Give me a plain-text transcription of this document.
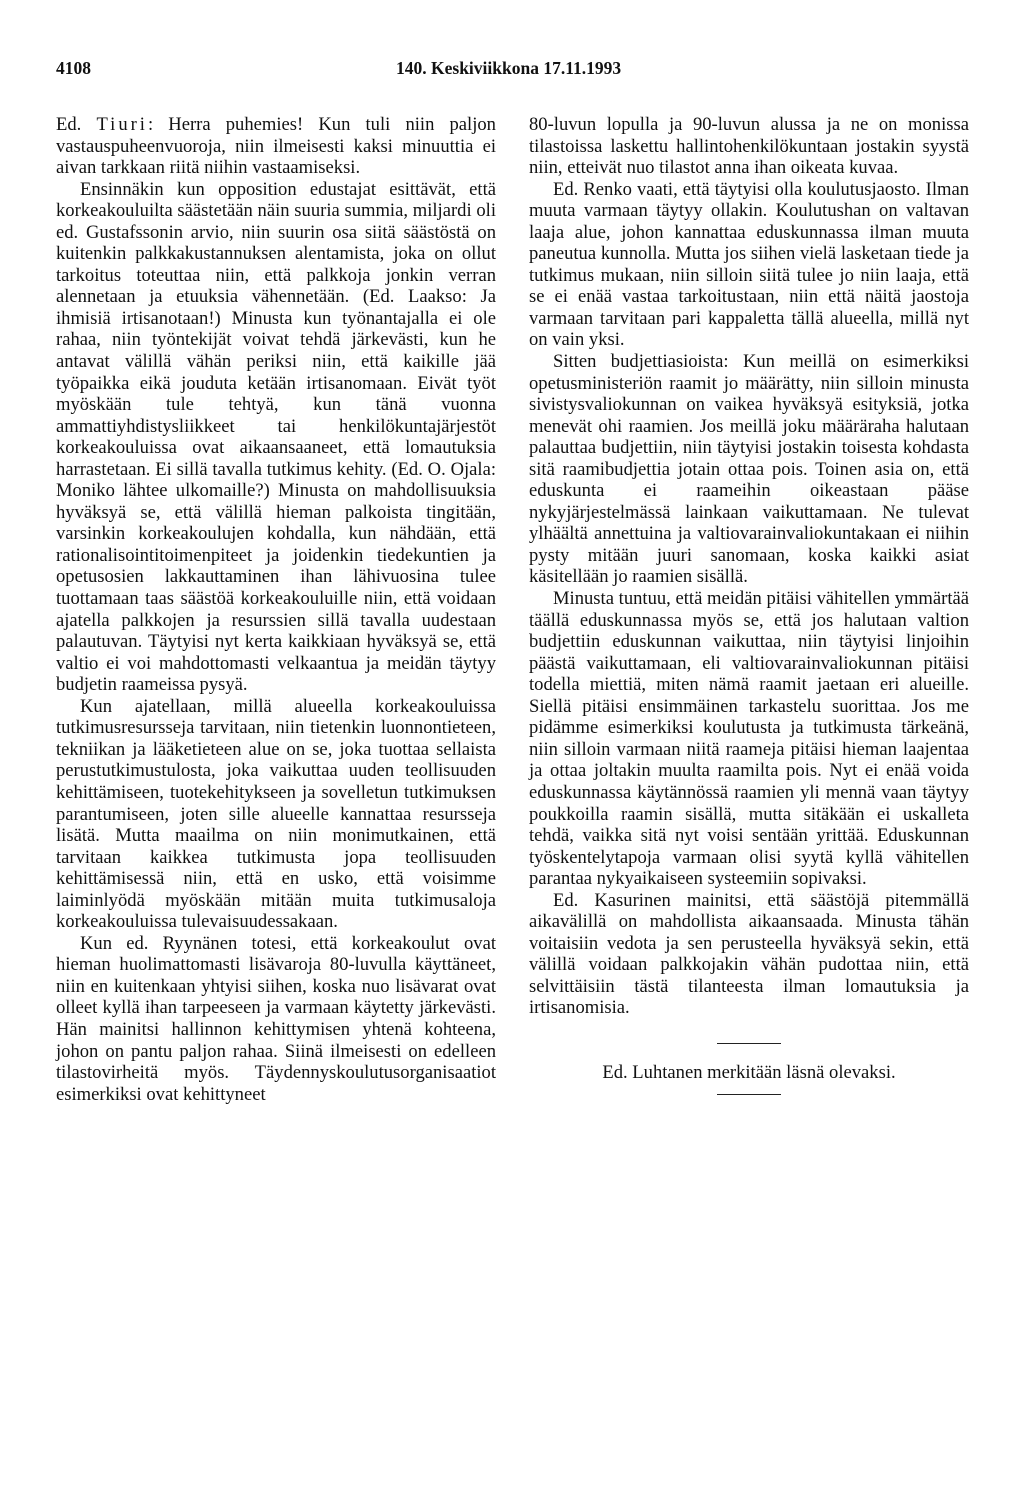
4108	140. Keskiviikkona 17.11.1993

Ed. Tiuri: Herra puhemies! Kun tuli niin paljon vastauspuheenvuoroja, niin ilmeisesti kaksi minuuttia ei aivan tarkkaan riitä niihin vastaamiseksi.

Ensinnäkin kun opposition edustajat esittävät, että korkeakouluilta säästetään näin suuria summia, miljardi oli ed. Gustafssonin arvio, niin suurin osa siitä säästöstä on kuitenkin palkkakustannuksen alentamista, joka on ollut tarkoitus toteuttaa niin, että palkkoja jonkin verran alennetaan ja etuuksia vähennetään. (Ed. Laakso: Ja ihmisiä irtisanotaan!) Minusta kun työnantajalla ei ole rahaa, niin työntekijät voivat tehdä järkevästi, kun he antavat välillä vähän periksi niin, että kaikille jää työpaikka eikä jouduta ketään irtisanomaan. Eivät työt myöskään tule tehtyä, kun tänä vuonna ammattiyhdistysliikkeet tai henkilökuntajärjestöt korkeakouluissa ovat aikaansaaneet, että lomautuksia harrastetaan. Ei sillä tavalla tutkimus kehity. (Ed. O. Ojala: Moniko lähtee ulkomaille?) Minusta on mahdollisuuksia hyväksyä se, että välillä hieman palkoista tingitään, varsinkin korkeakoulujen kohdalla, kun nähdään, että rationalisointitoimenpiteet ja joidenkin tiedekuntien ja opetusosien lakkauttaminen ihan lähivuosina tulee tuottamaan taas säästöä korkeakouluille niin, että voidaan ajatella palkkojen ja resurssien sillä tavalla uudestaan palautuvan. Täytyisi nyt kerta kaikkiaan hyväksyä se, että valtio ei voi mahdottomasti velkaantua ja meidän täytyy budjetin raameissa pysyä.

Kun ajatellaan, millä alueella korkeakouluissa tutkimusresursseja tarvitaan, niin tietenkin luonnontieteen, tekniikan ja lääketieteen alue on se, joka tuottaa sellaista perustutkimustulosta, joka vaikuttaa uuden teollisuuden kehittämiseen, tuotekehitykseen ja sovelletun tutkimuksen parantumiseen, joten sille alueelle kannattaa resursseja lisätä. Mutta maailma on niin monimutkainen, että tarvitaan kaikkea tutkimusta jopa teollisuuden kehittämisessä niin, että en usko, että voisimme laiminlyödä myöskään mitään muita tutkimusaloja korkeakouluissa tulevaisuudessakaan.

Kun ed. Ryynänen totesi, että korkeakoulut ovat hieman huolimattomasti lisävaroja 80-luvulla käyttäneet, niin en kuitenkaan yhtyisi siihen, koska nuo lisävarat ovat olleet kyllä ihan tarpeeseen ja varmaan käytetty järkevästi. Hän mainitsi hallinnon kehittymisen yhtenä kohteena, johon on pantu paljon rahaa. Siinä ilmeisesti on edelleen tilastovirheitä myös. Täydennyskoulutusorganisaatiot esimerkiksi ovat kehittyneet

80-luvun lopulla ja 90-luvun alussa ja ne on monissa tilastoissa laskettu hallintohenkilökuntaan jostakin syystä niin, etteivät nuo tilastot anna ihan oikeata kuvaa.

Ed. Renko vaati, että täytyisi olla koulutusjaosto. Ilman muuta varmaan täytyy ollakin. Koulutushan on valtavan laaja alue, johon kannattaa eduskunnassa ilman muuta paneutua kunnolla. Mutta jos siihen vielä lasketaan tiede ja tutkimus mukaan, niin silloin siitä tulee jo niin laaja, että se ei enää vastaa tarkoitustaan, niin että näitä jaostoja varmaan tarvitaan pari kappaletta tällä alueella, millä nyt on vain yksi.

Sitten budjettiasioista: Kun meillä on esimerkiksi opetusministeriön raamit jo määrätty, niin silloin minusta sivistysvaliokunnan on vaikea hyväksyä esityksiä, jotka menevät ohi raamien. Jos meillä joku määräraha halutaan palauttaa budjettiin, niin täytyisi jostakin toisesta kohdasta sitä raamibudjettia jotain ottaa pois. Toinen asia on, että eduskunta ei raameihin oikeastaan pääse nykyjärjestelmässä lainkaan vaikuttamaan. Ne tulevat ylhäältä annettuina ja valtiovarainvaliokuntakaan ei niihin pysty mitään juuri sanomaan, koska kaikki asiat käsitellään jo raamien sisällä.

Minusta tuntuu, että meidän pitäisi vähitellen ymmärtää täällä eduskunnassa myös se, että jos halutaan valtion budjettiin eduskunnan vaikuttaa, niin täytyisi linjoihin päästä vaikuttamaan, eli valtiovarainvaliokunnan pitäisi todella miettiä, miten nämä raamit jaetaan eri alueille. Siellä pitäisi ensimmäinen tarkastelu suorittaa. Jos me pidämme esimerkiksi koulutusta ja tutkimusta tärkeänä, niin silloin varmaan niitä raameja pitäisi hieman laajentaa ja ottaa joltakin muulta raamilta pois. Nyt ei enää voida eduskunnassa käytännössä raamien yli mennä vaan täytyy poukkoilla raamin sisällä, mutta sitäkään ei uskalleta tehdä, vaikka sitä nyt voisi sentään yrittää. Eduskunnan työskentelytapoja varmaan olisi syytä kyllä vähitellen parantaa nykyaikaiseen systeemiin sopivaksi.

Ed. Kasurinen mainitsi, että säästöjä pitemmällä aikavälillä on mahdollista aikaansaada. Minusta tähän voitaisiin vedota ja sen perusteella hyväksyä sekin, että välillä voidaan palkkojakin vähän pudottaa niin, että selvittäisiin tästä tilanteesta ilman lomautuksia ja irtisanomisia.

Ed. Luhtanen merkitään läsnä olevaksi.
